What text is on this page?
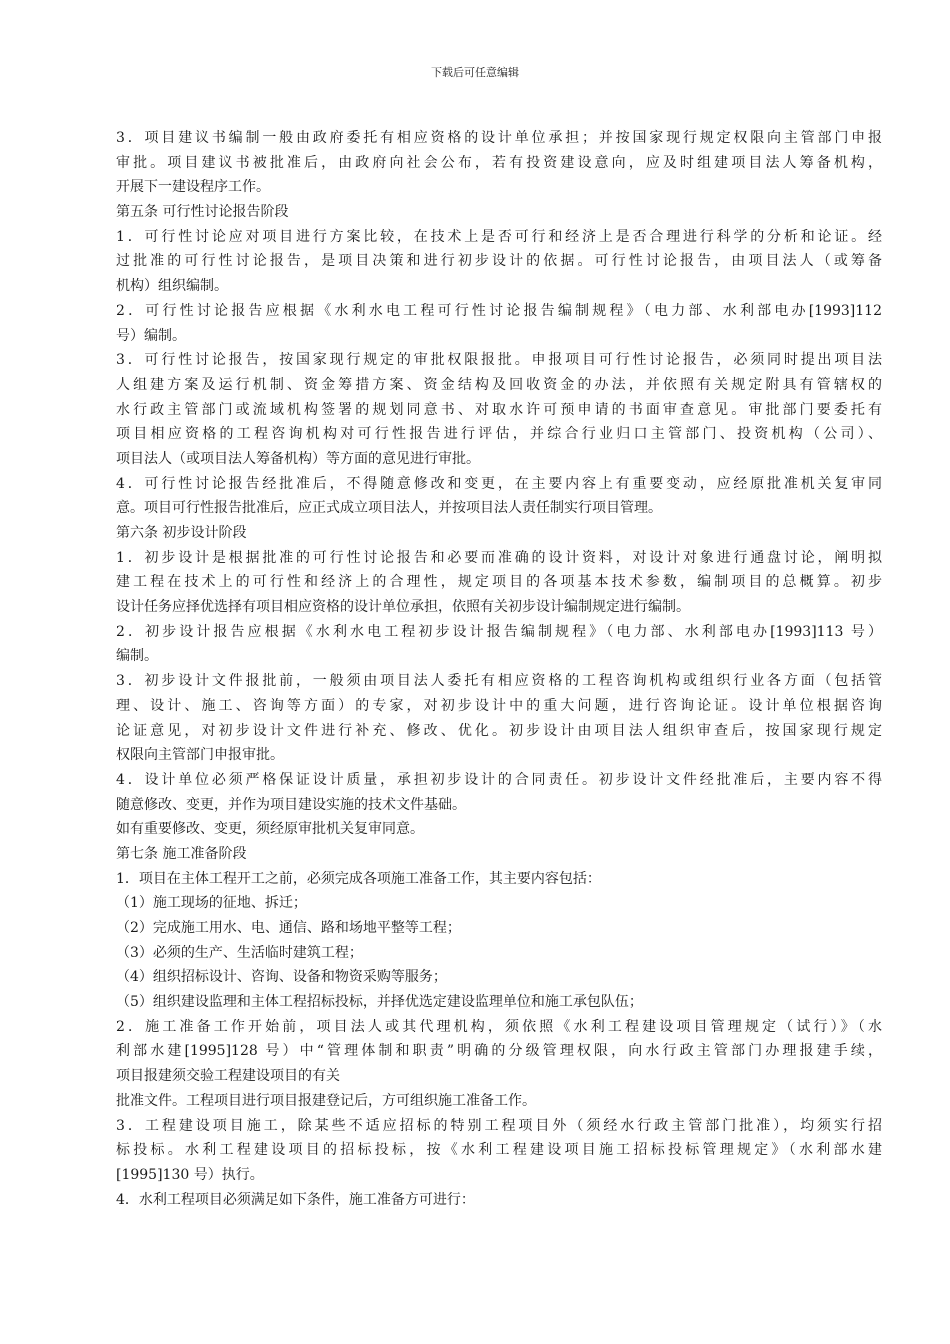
下载后可任意编辑
3．项目建议书编制一般由政府委托有相应资格的设计单位承担；并按国家现行规定权限向主管部门申报
审批。项目建议书被批准后，由政府向社会公布，若有投资建设意向，应及时组建项目法人筹备机构，
开展下一建设程序工作。
第五条 可行性讨论报告阶段
1．可行性讨论应对项目进行方案比较，在技术上是否可行和经济上是否合理进行科学的分析和论证。经
过批准的可行性讨论报告，是项目决策和进行初步设计的依据。可行性讨论报告，由项目法人（或筹备
机构）组织编制。
2．可行性讨论报告应根据《水利水电工程可行性讨论报告编制规程》（电力部、水利部电办[1993]112
号）编制。
3．可行性讨论报告，按国家现行规定的审批权限报批。申报项目可行性讨论报告，必须同时提出项目法
人组建方案及运行机制、资金筹措方案、资金结构及回收资金的办法，并依照有关规定附具有管辖权的
水行政主管部门或流域机构签署的规划同意书、对取水许可预申请的书面审查意见。审批部门要委托有
项目相应资格的工程咨询机构对可行性报告进行评估，并综合行业归口主管部门、投资机构（公司）、
项目法人（或项目法人筹备机构）等方面的意见进行审批。
4．可行性讨论报告经批准后，不得随意修改和变更，在主要内容上有重要变动，应经原批准机关复审同
意。项目可行性报告批准后，应正式成立项目法人，并按项目法人责任制实行项目管理。
第六条 初步设计阶段
1．初步设计是根据批准的可行性讨论报告和必要而准确的设计资料，对设计对象进行通盘讨论，阐明拟
建工程在技术上的可行性和经济上的合理性，规定项目的各项基本技术参数，编制项目的总概算。初步
设计任务应择优选择有项目相应资格的设计单位承担，依照有关初步设计编制规定进行编制。
2．初步设计报告应根据《水利水电工程初步设计报告编制规程》（电力部、水利部电办[1993]113 号）
编制。
3．初步设计文件报批前，一般须由项目法人委托有相应资格的工程咨询机构或组织行业各方面（包括管
理、设计、施工、咨询等方面）的专家，对初步设计中的重大问题，进行咨询论证。设计单位根据咨询
论证意见，对初步设计文件进行补充、修改、优化。初步设计由项目法人组织审查后，按国家现行规定
权限向主管部门申报审批。
4．设计单位必须严格保证设计质量，承担初步设计的合同责任。初步设计文件经批准后，主要内容不得
随意修改、变更，并作为项目建设实施的技术文件基础。
如有重要修改、变更，须经原审批机关复审同意。
第七条 施工准备阶段
1．项目在主体工程开工之前，必须完成各项施工准备工作，其主要内容包括：
（1）施工现场的征地、拆迁；
（2）完成施工用水、电、通信、路和场地平整等工程；
（3）必须的生产、生活临时建筑工程；
（4）组织招标设计、咨询、设备和物资采购等服务；
（5）组织建设监理和主体工程招标投标，并择优选定建设监理单位和施工承包队伍；
2．施工准备工作开始前，项目法人或其代理机构，须依照《水利工程建设项目管理规定（试行）》（水
利部水建[1995]128 号）中“管理体制和职责”明确的分级管理权限，向水行政主管部门办理报建手续，
项目报建须交验工程建设项目的有关
批准文件。工程项目进行项目报建登记后，方可组织施工准备工作。
3．工程建设项目施工，除某些不适应招标的特别工程项目外（须经水行政主管部门批准），均须实行招
标投标。水利工程建设项目的招标投标，按《水利工程建设项目施工招标投标管理规定》（水利部水建
[1995]130 号）执行。
4．水利工程项目必须满足如下条件，施工准备方可进行：
